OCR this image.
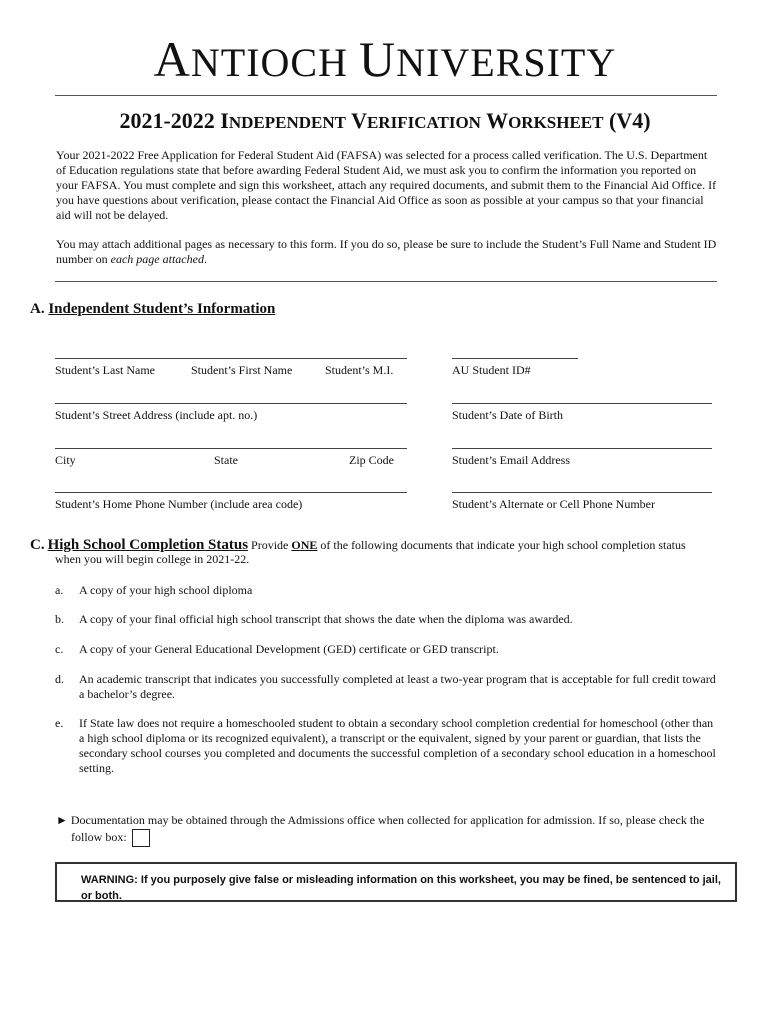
ANTIOCH UNIVERSITY
2021-2022 INDEPENDENT VERIFICATION WORKSHEET (V4)
Your 2021-2022 Free Application for Federal Student Aid (FAFSA) was selected for a process called verification. The U.S. Department of Education regulations state that before awarding Federal Student Aid, we must ask you to confirm the information you reported on your FAFSA. You must complete and sign this worksheet, attach any required documents, and submit them to the Financial Aid Office. If you have questions about verification, please contact the Financial Aid Office as soon as possible at your campus so that your financial aid will not be delayed.
You may attach additional pages as necessary to this form. If you do so, please be sure to include the Student’s Full Name and Student ID number on each page attached.
A. Independent Student’s Information
Student’s Last Name	Student’s First Name	Student’s M.I.	AU Student ID#
Student’s Street Address (include apt. no.)	Student’s Date of Birth
City	State	Zip Code	Student’s Email Address
Student’s Home Phone Number (include area code)	Student’s Alternate or Cell Phone Number
C. High School Completion Status Provide ONE of the following documents that indicate your high school completion status
when you will begin college in 2021-22.
a. A copy of your high school diploma
b. A copy of your final official high school transcript that shows the date when the diploma was awarded.
c. A copy of your General Educational Development (GED) certificate or GED transcript.
d. An academic transcript that indicates you successfully completed at least a two-year program that is acceptable for full credit toward a bachelor’s degree.
e. If State law does not require a homeschooled student to obtain a secondary school completion credential for homeschool (other than a high school diploma or its recognized equivalent), a transcript or the equivalent, signed by your parent or guardian, that lists the secondary school courses you completed and documents the successful completion of a secondary school education in a homeschool setting.
► Documentation may be obtained through the Admissions office when collected for application for admission. If so, please check the
follow box:
WARNING: If you purposely give false or misleading information on this worksheet, you may be fined, be sentenced to jail, or both.
